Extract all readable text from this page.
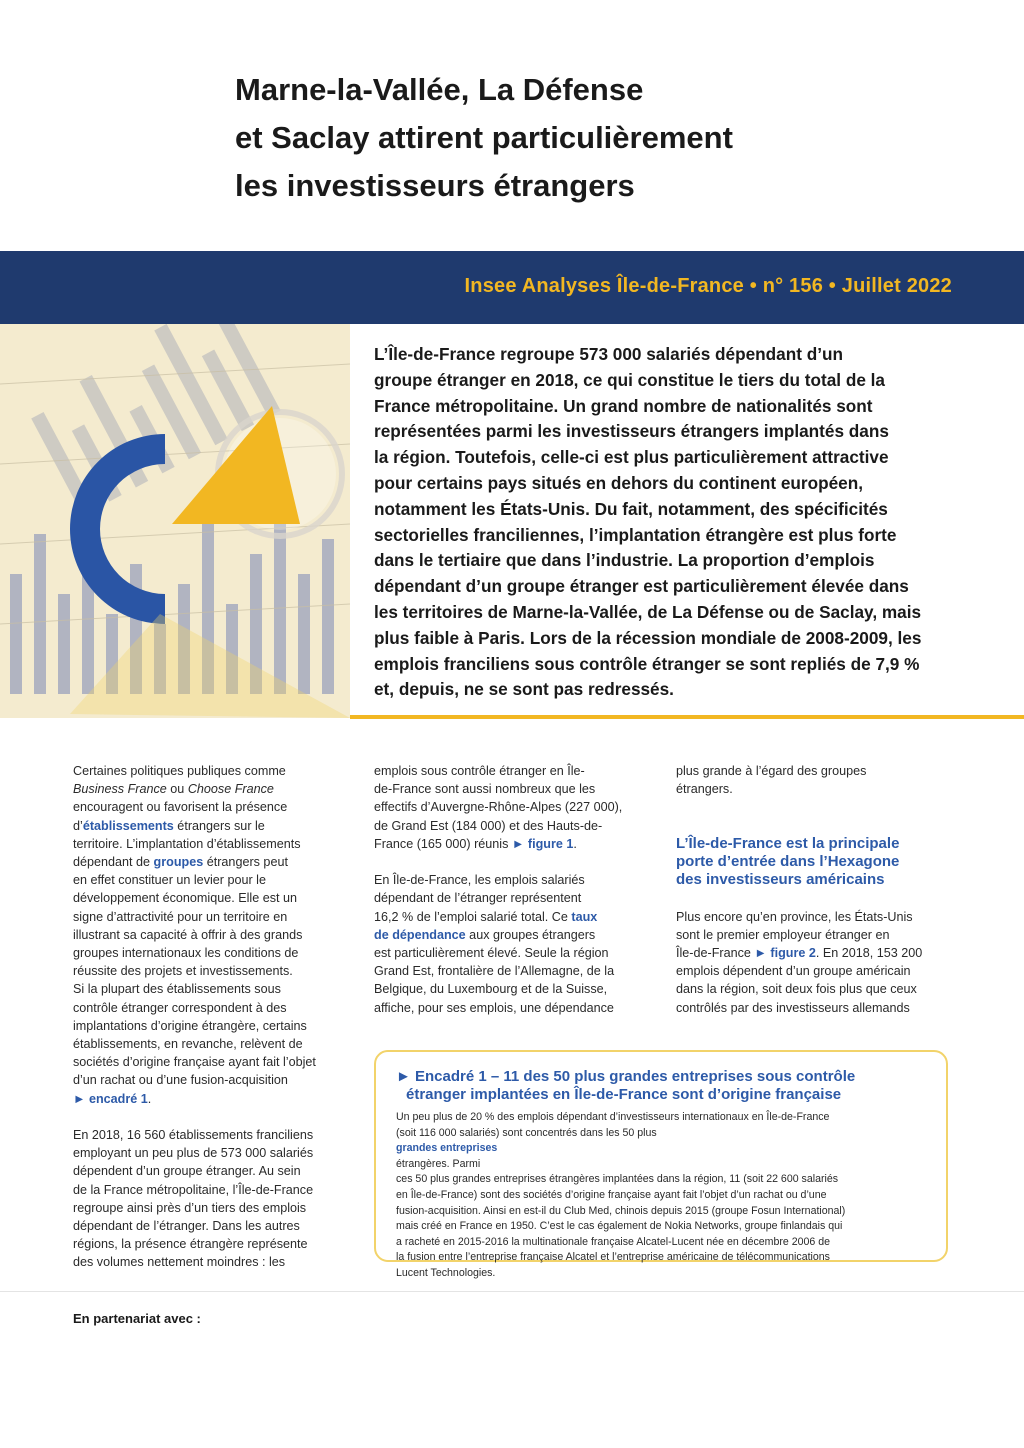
Marne-la-Vallée, La Défense
et Saclay attirent particulièrement
les investisseurs étrangers
Insee Analyses Île-de-France • n° 156 • Juillet 2022
L’Île-de-France regroupe 573 000 salariés dépendant d’un
groupe étranger en 2018, ce qui constitue le tiers du total de la
France métropolitaine. Un grand nombre de nationalités sont
représentées parmi les investisseurs étrangers implantés dans
la région. Toutefois, celle-ci est plus particulièrement attractive
pour certains pays situés en dehors du continent européen,
notamment les États-Unis. Du fait, notamment, des spécificités
sectorielles franciliennes, l’implantation étrangère est plus forte
dans le tertiaire que dans l’industrie. La proportion d’emplois
dépendant d’un groupe étranger est particulièrement élevée dans
les territoires de Marne-la-Vallée, de La Défense ou de Saclay, mais
plus faible à Paris. Lors de la récession mondiale de 2008-2009, les
emplois franciliens sous contrôle étranger se sont repliés de 7,9 %
et, depuis, ne se sont pas redressés.
Certaines politiques publiques comme
Business France ou Choose France
encouragent ou favorisent la présence
d’établissements étrangers sur le
territoire. L’implantation d’établissements
dépendant de groupes étrangers peut
en effet constituer un levier pour le
développement économique. Elle est un
signe d’attractivité pour un territoire en
illustrant sa capacité à offrir à des grands
groupes internationaux les conditions de
réussite des projets et investissements.
Si la plupart des établissements sous
contrôle étranger correspondent à des
implantations d’origine étrangère, certains
établissements, en revanche, relèvent de
sociétés d’origine française ayant fait l’objet
d’un rachat ou d’une fusion-acquisition
► encadré 1.
En 2018, 16 560 établissements franciliens
employant un peu plus de 573 000 salariés
dépendent d’un groupe étranger. Au sein
de la France métropolitaine, l’Île-de-France
regroupe ainsi près d’un tiers des emplois
dépendant de l’étranger. Dans les autres
régions, la présence étrangère représente
des volumes nettement moindres : les
emplois sous contrôle étranger en Île-
de-France sont aussi nombreux que les
effectifs d’Auvergne-Rhône-Alpes (227 000),
de Grand Est (184 000) et des Hauts-de-
France (165 000) réunis ► figure 1.
En Île-de-France, les emplois salariés
dépendant de l’étranger représentent
16,2 % de l’emploi salarié total. Ce taux
de dépendance aux groupes étrangers
est particulièrement élevé. Seule la région
Grand Est, frontalière de l’Allemagne, de la
Belgique, du Luxembourg et de la Suisse,
affiche, pour ses emplois, une dépendance
plus grande à l’égard des groupes
étrangers.
L’Île-de-France est la principale
porte d’entrée dans l’Hexagone
des investisseurs américains
Plus encore qu’en province, les États-Unis
sont le premier employeur étranger en
Île-de-France ► figure 2. En 2018, 153 200
emplois dépendent d’un groupe américain
dans la région, soit deux fois plus que ceux
contrôlés par des investisseurs allemands
► Encadré 1 – 11 des 50 plus grandes entreprises sous contrôle
étranger implantées en Île-de-France sont d’origine française
Un peu plus de 20 % des emplois dépendant d’investisseurs internationaux en Île-de-France
(soit 116 000 salariés) sont concentrés dans les 50 plus
grandes entreprises
étrangères. Parmi
ces 50 plus grandes entreprises étrangères implantées dans la région, 11 (soit 22 600 salariés
en Île-de-France) sont des sociétés d’origine française ayant fait l’objet d’un rachat ou d’une
fusion-acquisition. Ainsi en est-il du Club Med, chinois depuis 2015 (groupe Fosun International)
mais créé en France en 1950. C’est le cas également de Nokia Networks, groupe finlandais qui
a racheté en 2015-2016 la multinationale française Alcatel-Lucent née en décembre 2006 de
la fusion entre l’entreprise française Alcatel et l’entreprise américaine de télécommunications
Lucent Technologies.
En partenariat avec :
